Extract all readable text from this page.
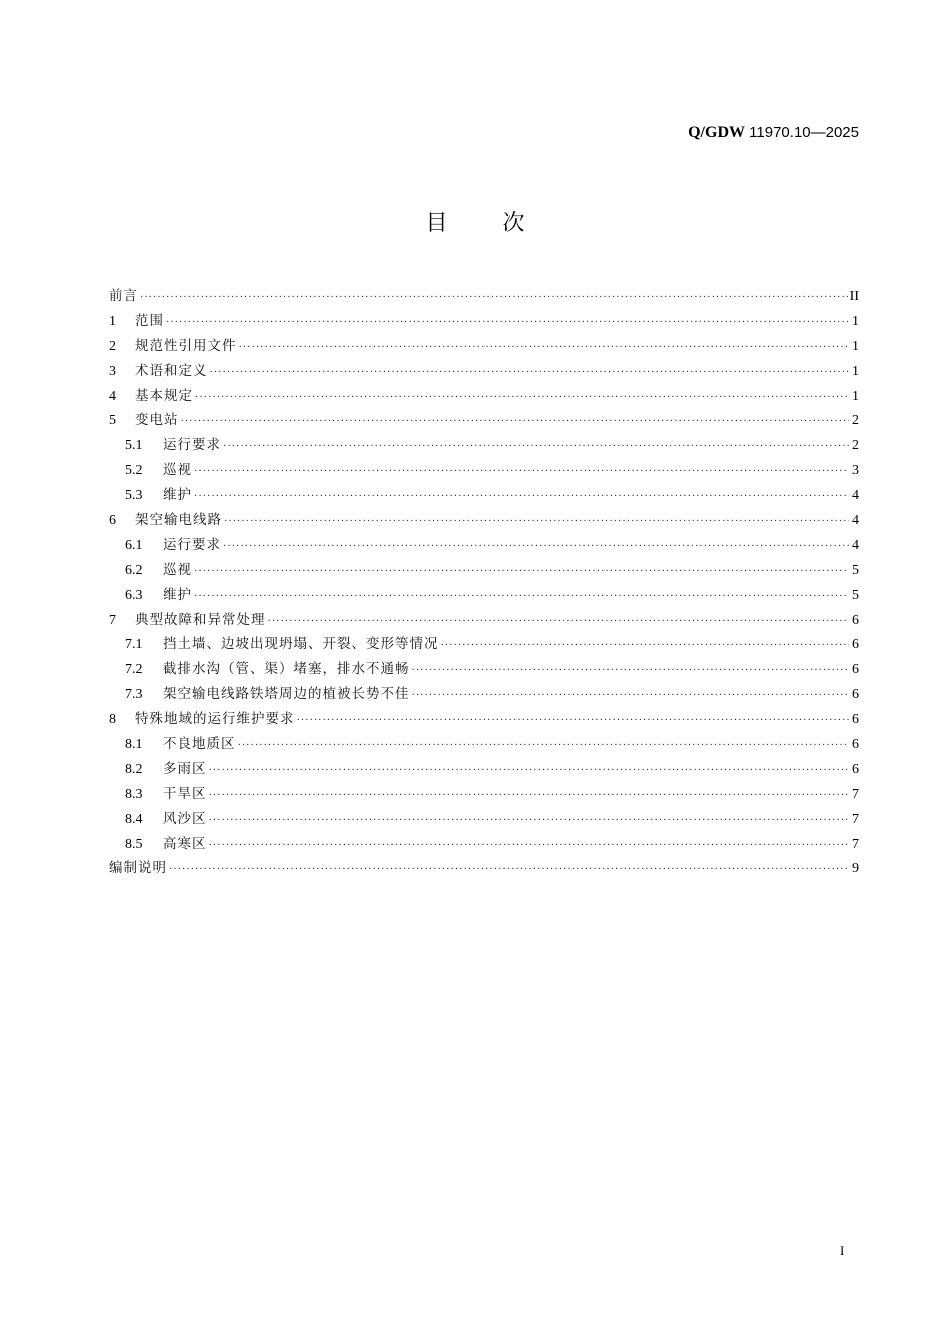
Q/GDW 11970.10—2025
目	次
前言 ·····	II
1	范围 ·····	1
2	规范性引用文件 ·····	1
3	术语和定义 ·····	1
4	基本规定 ·····	1
5	变电站 ·····	2
5.1	运行要求 ·····	2
5.2	巡视 ·····	3
5.3	维护 ·····	4
6	架空输电线路 ·····	4
6.1	运行要求 ·····	4
6.2	巡视 ·····	5
6.3	维护 ·····	5
7	典型故障和异常处理 ·····	6
7.1	挡土墙、边坡出现坍塌、开裂、变形等情况 ·····	6
7.2	截排水沟（管、渠）堵塞，排水不通畅 ·····	6
7.3	架空输电线路铁塔周边的植被长势不佳 ·····	6
8	特殊地域的运行维护要求 ·····	6
8.1	不良地质区 ·····	6
8.2	多雨区 ·····	6
8.3	干旱区 ·····	7
8.4	风沙区 ·····	7
8.5	高寒区 ·····	7
编制说明 ·····	9
I
